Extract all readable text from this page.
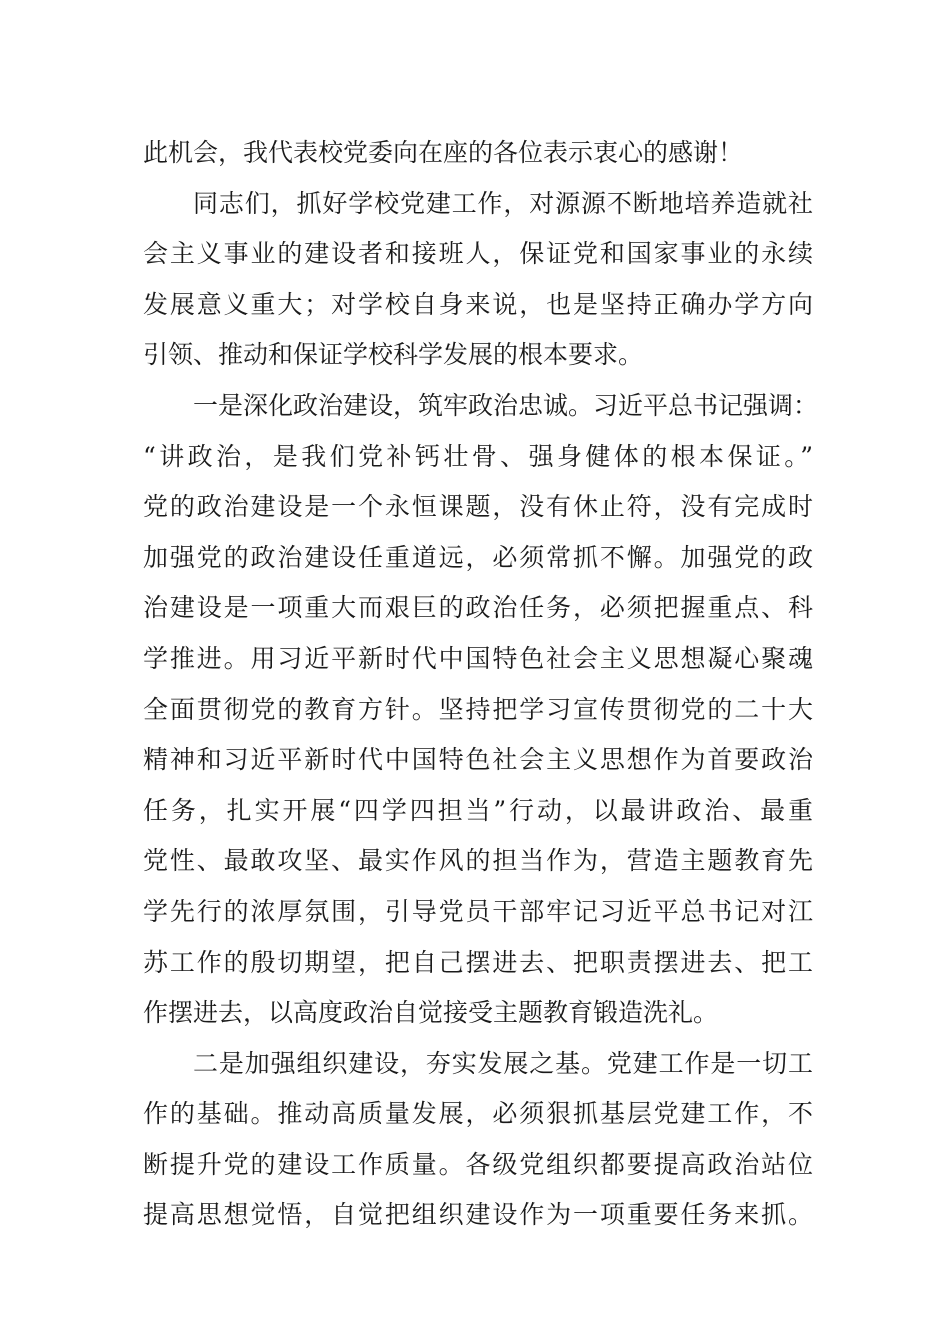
此机会，我代表校党委向在座的各位表示衷心的感谢！
同志们，抓好学校党建工作，对源源不断地培养造就社
会主义事业的建设者和接班人，保证党和国家事业的永续
发展意义重大；对学校自身来说，也是坚持正确办学方向
引领、推动和保证学校科学发展的根本要求。
一是深化政治建设，筑牢政治忠诚。习近平总书记强调：
“讲政治，是我们党补钙壮骨、强身健体的根本保证。”
党的政治建设是一个永恒课题，没有休止符，没有完成时
加强党的政治建设任重道远，必须常抓不懈。加强党的政
治建设是一项重大而艰巨的政治任务，必须把握重点、科
学推进。用习近平新时代中国特色社会主义思想凝心聚魂
全面贯彻党的教育方针。坚持把学习宣传贯彻党的二十大
精神和习近平新时代中国特色社会主义思想作为首要政治
任务，扎实开展“四学四担当”行动，以最讲政治、最重
党性、最敢攻坚、最实作风的担当作为，营造主题教育先
学先行的浓厚氛围，引导党员干部牢记习近平总书记对江
苏工作的殷切期望，把自己摆进去、把职责摆进去、把工
作摆进去，以高度政治自觉接受主题教育锻造洗礼。
二是加强组织建设，夯实发展之基。党建工作是一切工
作的基础。推动高质量发展，必须狠抓基层党建工作，不
断提升党的建设工作质量。各级党组织都要提高政治站位
提高思想觉悟，自觉把组织建设作为一项重要任务来抓。
